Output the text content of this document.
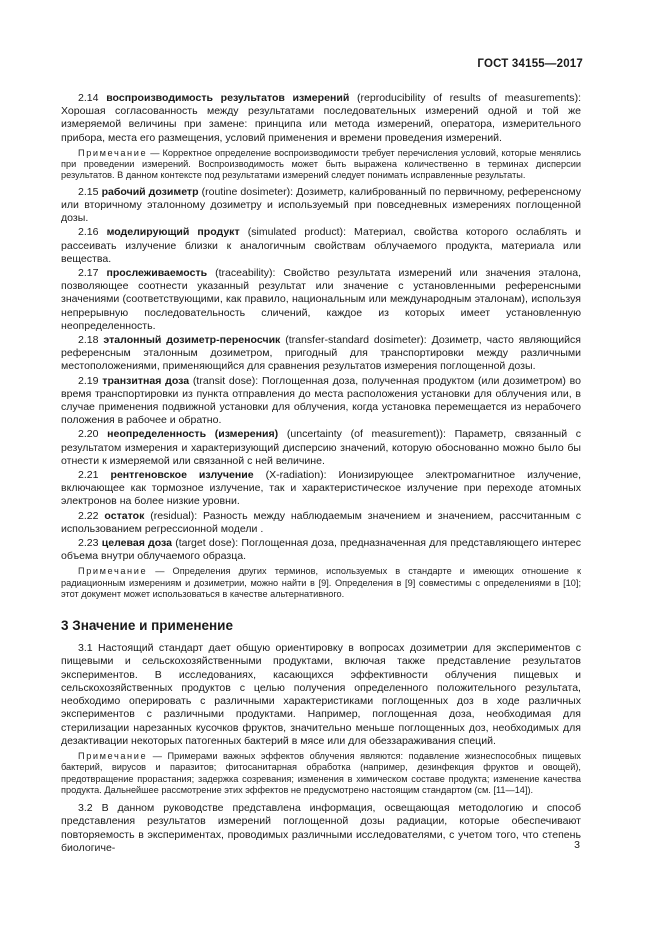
ГОСТ 34155—2017

2.14 воспроизводимость результатов измерений (reproducibility of results of measurements): Хорошая согласованность между результатами последовательных измерений одной и той же измеряемой величины при замене: принципа или метода измерений, оператора, измерительного прибора, места его размещения, условий применения и времени проведения измерений.

Примечание — Корректное определение воспроизводимости требует перечисления условий, которые менялись при проведении измерений. Воспроизводимость может быть выражена количественно в терминах дисперсии результатов. В данном контексте под результатами измерений следует понимать исправленные результаты.

2.15 рабочий дозиметр (routine dosimeter): Дозиметр, калиброванный по первичному, референсному или вторичному эталонному дозиметру и используемый при повседневных измерениях поглощенной дозы.

2.16 моделирующий продукт (simulated product): Материал, свойства которого ослаблять и рассеивать излучение близки к аналогичным свойствам облучаемого продукта, материала или вещества.

2.17 прослеживаемость (traceability): Свойство результата измерений или значения эталона, позволяющее соотнести указанный результат или значение с установленными референсными значениями (соответствующими, как правило, национальным или международным эталонам), используя непрерывную последовательность сличений, каждое из которых имеет установленную неопределенность.

2.18 эталонный дозиметр-переносчик (transfer-standard dosimeter): Дозиметр, часто являющийся референсным эталонным дозиметром, пригодный для транспортировки между различными местоположениями, применяющийся для сравнения результатов измерения поглощенной дозы.

2.19 транзитная доза (transit dose): Поглощенная доза, полученная продуктом (или дозиметром) во время транспортировки из пункта отправления до места расположения установки для облучения или, в случае применения подвижной установки для облучения, когда установка перемещается из нерабочего положения в рабочее и обратно.

2.20 неопределенность (измерения) (uncertainty (of measurement)): Параметр, связанный с результатом измерения и характеризующий дисперсию значений, которую обоснованно можно было бы отнести к измеряемой или связанной с ней величине.

2.21 рентгеновское излучение (X-radiation): Ионизирующее электромагнитное излучение, включающее как тормозное излучение, так и характеристическое излучение при переходе атомных электронов на более низкие уровни.

2.22 остаток (residual): Разность между наблюдаемым значением и значением, рассчитанным с использованием регрессионной модели .

2.23 целевая доза (target dose): Поглощенная доза, предназначенная для представляющего интерес объема внутри облучаемого образца.

Примечание — Определения других терминов, используемых в стандарте и имеющих отношение к радиационным измерениям и дозиметрии, можно найти в [9]. Определения в [9] совместимы с определениями в [10]; этот документ может использоваться в качестве альтернативного.

3 Значение и применение

3.1 Настоящий стандарт дает общую ориентировку в вопросах дозиметрии для экспериментов с пищевыми и сельскохозяйственными продуктами, включая также представление результатов экспериментов. В исследованиях, касающихся эффективности облучения пищевых и сельскохозяйственных продуктов с целью получения определенного положительного результата, необходимо оперировать с различными характеристиками поглощенных доз в ходе различных экспериментов с различными продуктами. Например, поглощенная доза, необходимая для стерилизации нарезанных кусочков фруктов, значительно меньше поглощенных доз, необходимых для дезактивации некоторых патогенных бактерий в мясе или для обеззараживания специй.

Примечание — Примерами важных эффектов облучения являются: подавление жизнеспособных пищевых бактерий, вирусов и паразитов; фитосанитарная обработка (например, дезинфекция фруктов и овощей), предотвращение прорастания; задержка созревания; изменения в химическом составе продукта; изменение качества продукта. Дальнейшее рассмотрение этих эффектов не предусмотрено настоящим стандартом (см. [11—14]).

3.2 В данном руководстве представлена информация, освещающая методологию и способ представления результатов измерений поглощенной дозы радиации, которые обеспечивают повторяемость в экспериментах, проводимых различными исследователями, с учетом того, что степень биологиче-	3
